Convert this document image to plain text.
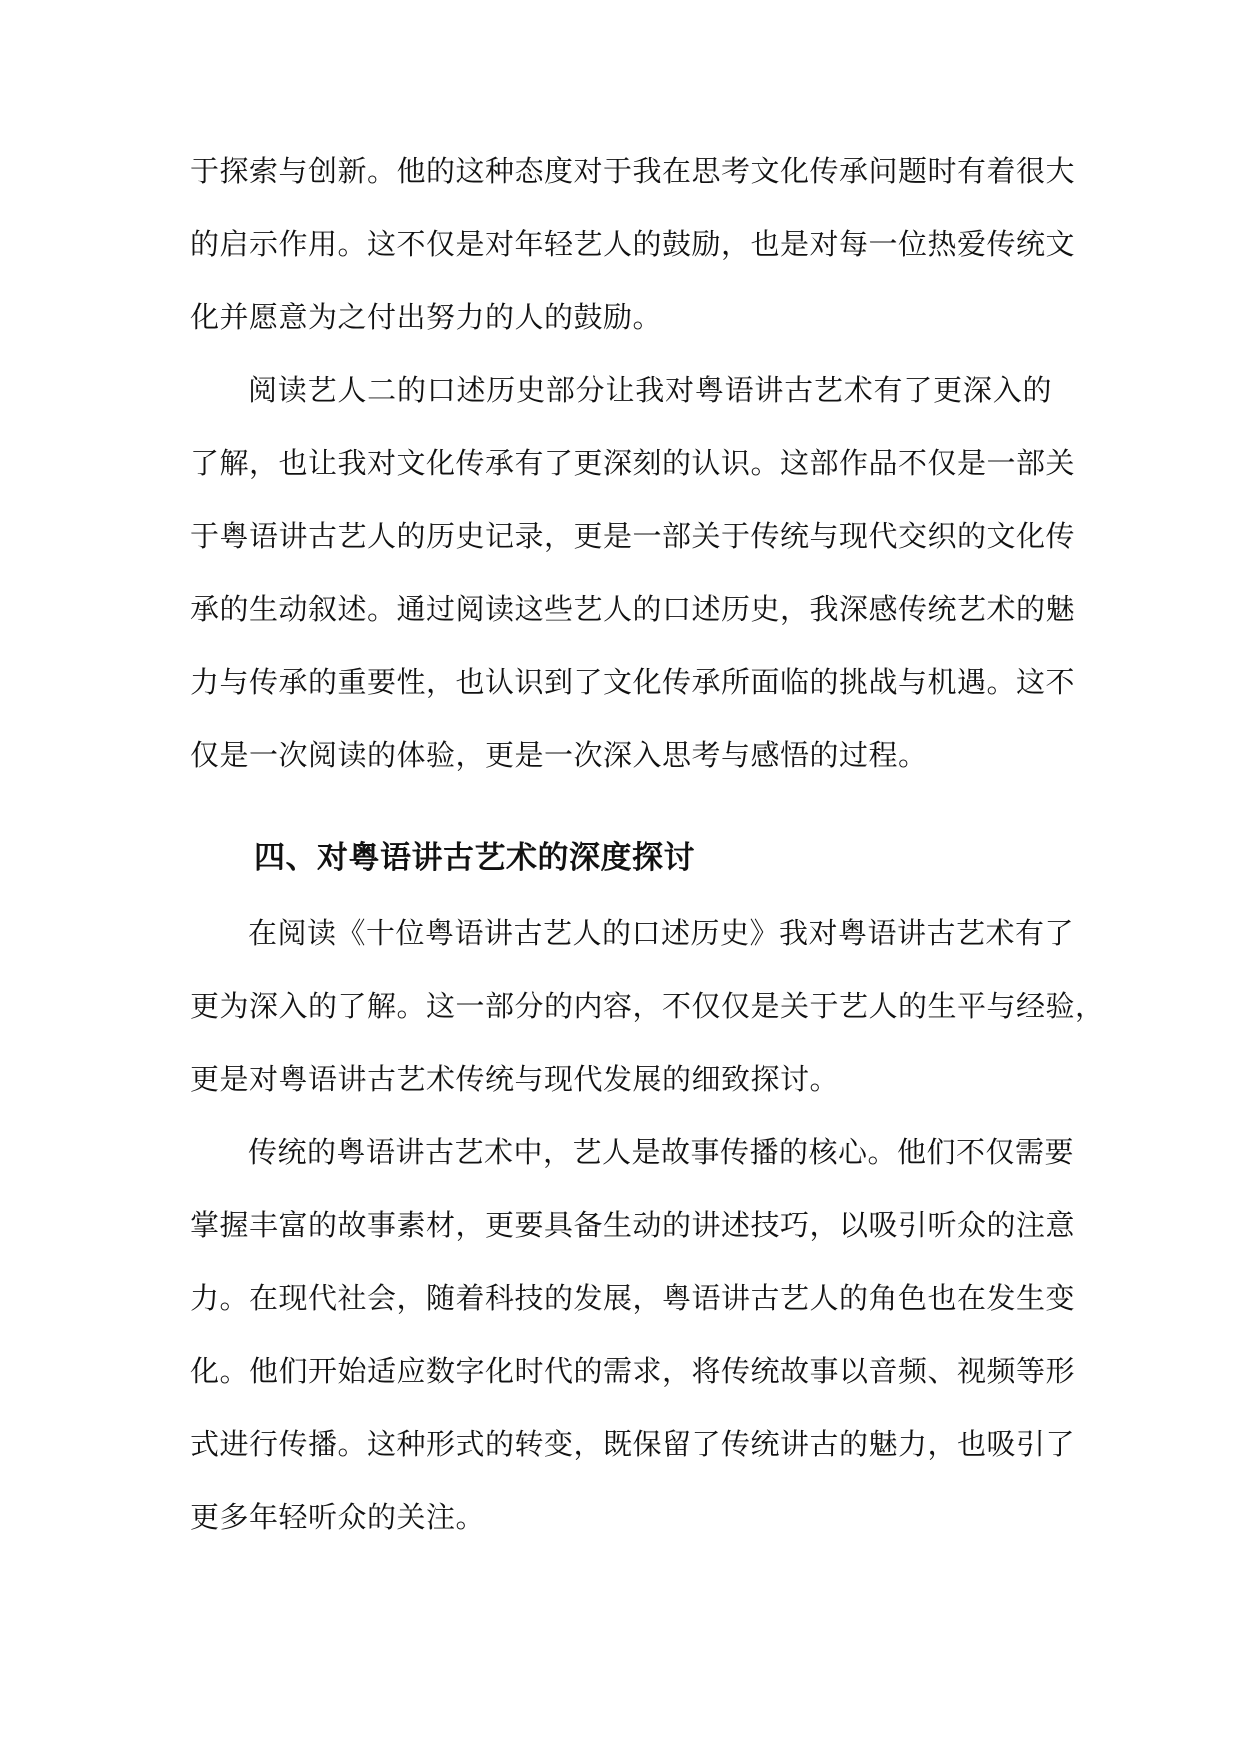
于探索与创新。他的这种态度对于我在思考文化传承问题时有着很大
的启示作用。这不仅是对年轻艺人的鼓励，也是对每一位热爱传统文
化并愿意为之付出努力的人的鼓励。
阅读艺人二的口述历史部分让我对粤语讲古艺术有了更深入的
了解，也让我对文化传承有了更深刻的认识。这部作品不仅是一部关
于粤语讲古艺人的历史记录，更是一部关于传统与现代交织的文化传
承的生动叙述。通过阅读这些艺人的口述历史，我深感传统艺术的魅
力与传承的重要性，也认识到了文化传承所面临的挑战与机遇。这不
仅是一次阅读的体验，更是一次深入思考与感悟的过程。
四、对粤语讲古艺术的深度探讨
在阅读《十位粤语讲古艺人的口述历史》我对粤语讲古艺术有了
更为深入的了解。这一部分的内容，不仅仅是关于艺人的生平与经验，
更是对粤语讲古艺术传统与现代发展的细致探讨。
传统的粤语讲古艺术中，艺人是故事传播的核心。他们不仅需要
掌握丰富的故事素材，更要具备生动的讲述技巧，以吸引听众的注意
力。在现代社会，随着科技的发展，粤语讲古艺人的角色也在发生变
化。他们开始适应数字化时代的需求，将传统故事以音频、视频等形
式进行传播。这种形式的转变，既保留了传统讲古的魅力，也吸引了
更多年轻听众的关注。
